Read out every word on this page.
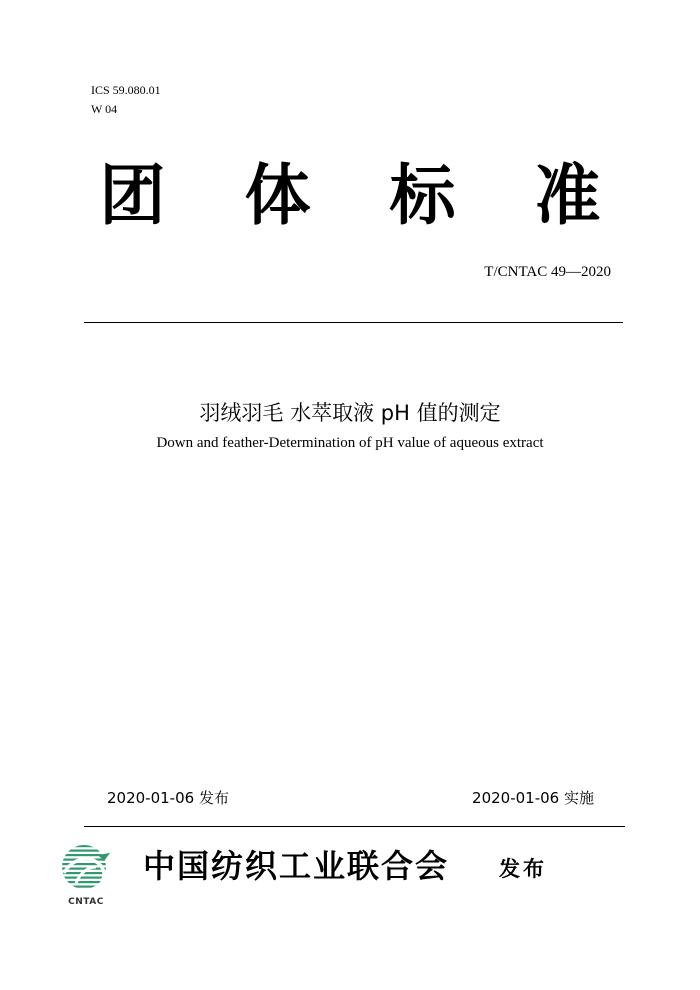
ICS 59.080.01
W 04
团 体 标 准
T/CNTAC 49—2020
羽绒羽毛 水萃取液 pH 值的测定
Down and feather-Determination of pH value of aqueous extract
2020-01-06 发布	2020-01-06 实施
CNTAC
中国纺织工业联合会 发布
